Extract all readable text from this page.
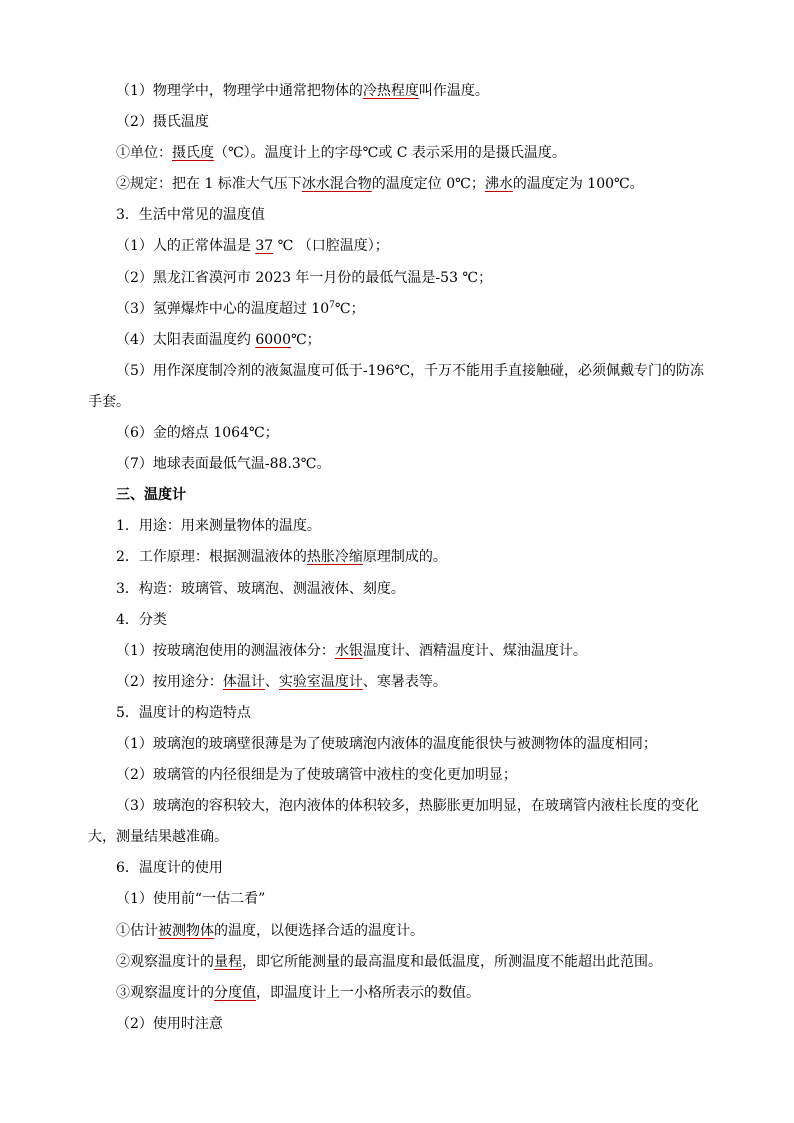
（1）物理学中，物理学中通常把物体的冷热程度叫作温度。
（2）摄氏温度
①单位：摄氏度（℃）。温度计上的字母℃或 C 表示采用的是摄氏温度。
②规定：把在 1 标准大气压下冰水混合物的温度定位 0℃；沸水的温度定为 100℃。
3．生活中常见的温度值
（1）人的正常体温是 37 ℃ （口腔温度）；
（2）黑龙江省漠河市 2023 年一月份的最低气温是-53 ℃；
（3）氢弹爆炸中心的温度超过 $10^7℃$；
（4）太阳表面温度约 6000℃；
（5）用作深度制冷剂的液氮温度可低于-196℃，千万不能用手直接触碰，必须佩戴专门的防冻手套。
（6）金的熔点 1064℃；
（7）地球表面最低气温-88.3℃。
三、温度计
1．用途：用来测量物体的温度。
2．工作原理：根据测温液体的热胀冷缩原理制成的。
3．构造：玻璃管、玻璃泡、测温液体、刻度。
4．分类
（1）按玻璃泡使用的测温液体分：水银温度计、酒精温度计、煤油温度计。
（2）按用途分：体温计、实验室温度计、寒暑表等。
5．温度计的构造特点
（1）玻璃泡的玻璃壁很薄是为了使玻璃泡内液体的温度能很快与被测物体的温度相同；
（2）玻璃管的内径很细是为了使玻璃管中液柱的变化更加明显；
（3）玻璃泡的容积较大，泡内液体的体积较多，热膨胀更加明显，在玻璃管内液柱长度的变化大，测量结果越准确。
6．温度计的使用
（1）使用前“一估二看”
①估计被测物体的温度，以便选择合适的温度计。
②观察温度计的量程，即它所能测量的最高温度和最低温度，所测温度不能超出此范围。
③观察温度计的分度值，即温度计上一小格所表示的数值。
（2）使用时注意
